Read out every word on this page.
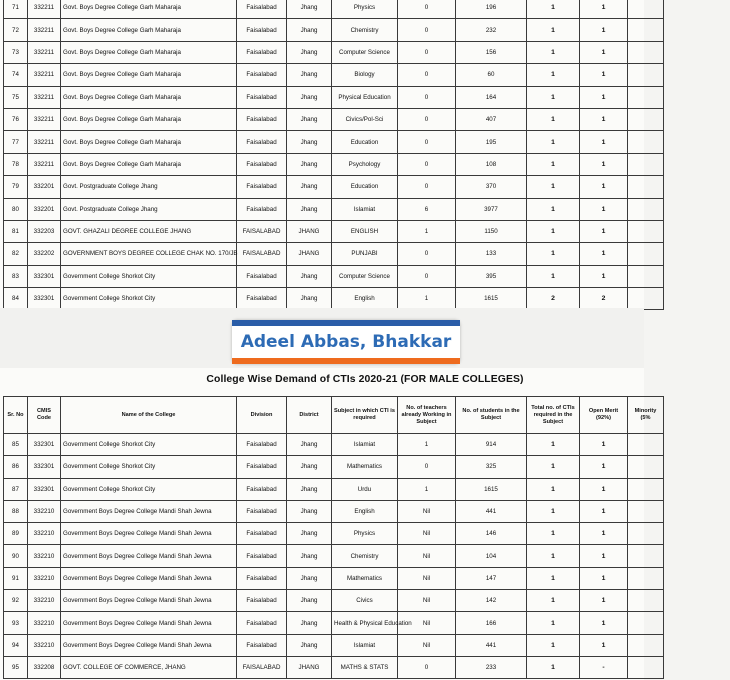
71	332211	Govt. Boys Degree College Garh Maharaja	Faisalabad	Jhang	Physics	0	196	1	1	
72	332211	Govt. Boys Degree College Garh Maharaja	Faisalabad	Jhang	Chemistry	0	232	1	1	
73	332211	Govt. Boys Degree College Garh Maharaja	Faisalabad	Jhang	Computer Science	0	156	1	1	
74	332211	Govt. Boys Degree College Garh Maharaja	Faisalabad	Jhang	Biology	0	60	1	1	
75	332211	Govt. Boys Degree College Garh Maharaja	Faisalabad	Jhang	Physical Education	0	164	1	1	
76	332211	Govt. Boys Degree College Garh Maharaja	Faisalabad	Jhang	Civics/Pol-Sci	0	407	1	1	
77	332211	Govt. Boys Degree College Garh Maharaja	Faisalabad	Jhang	Education	0	195	1	1	
78	332211	Govt. Boys Degree College Garh Maharaja	Faisalabad	Jhang	Psychology	0	108	1	1	
79	332201	Govt. Postgraduate College Jhang	Faisalabad	Jhang	Education	0	370	1	1	
80	332201	Govt. Postgraduate College Jhang	Faisalabad	Jhang	Islamiat	6	3977	1	1	
81	332203	GOVT. GHAZALI DEGREE COLLEGE JHANG	FAISALABAD	JHANG	ENGLISH	1	1150	1	1	
82	332202	GOVERNMENT BOYS DEGREE COLLEGE CHAK NO. 170/JB	FAISALABAD	JHANG	PUNJABI	0	133	1	1	
83	332301	Government College Shorkot City	Faisalabad	Jhang	Computer Science	0	395	1	1	
84	332301	Government College Shorkot City	Faisalabad	Jhang	English	1	1615	2	2	
Adeel Abbas, Bhakkar
College Wise Demand of CTIs 2020-21 (FOR MALE COLLEGES)
Sr. No	CMIS Code	Name of the College	Division	District	Subject in which CTI is required	No. of teachers already Working in Subject	No. of students in the Subject	Total no. of CTIs required in the Subject	Open Merit (92%)	Minority (5%
85	332301	Government College Shorkot City	Faisalabad	Jhang	Islamiat	1	914	1	1	
86	332301	Government College Shorkot City	Faisalabad	Jhang	Mathematics	0	325	1	1	
87	332301	Government College Shorkot City	Faisalabad	Jhang	Urdu	1	1615	1	1	
88	332210	Government Boys Degree College Mandi Shah Jewna	Faisalabad	Jhang	English	Nil	441	1	1	
89	332210	Government Boys Degree College Mandi Shah Jewna	Faisalabad	Jhang	Physics	Nil	146	1	1	
90	332210	Government Boys Degree College Mandi Shah Jewna	Faisalabad	Jhang	Chemistry	Nil	104	1	1	
91	332210	Government Boys Degree College Mandi Shah Jewna	Faisalabad	Jhang	Mathematics	Nil	147	1	1	
92	332210	Government Boys Degree College Mandi Shah Jewna	Faisalabad	Jhang	Civics	Nil	142	1	1	
93	332210	Government Boys Degree College Mandi Shah Jewna	Faisalabad	Jhang	Health & Physical Education	Nil	166	1	1	
94	332210	Government Boys Degree College Mandi Shah Jewna	Faisalabad	Jhang	Islamiat	Nil	441	1	1	
95	332208	GOVT. COLLEGE OF COMMERCE, JHANG	FAISALABAD	JHANG	MATHS & STATS	0	233	1	-	
